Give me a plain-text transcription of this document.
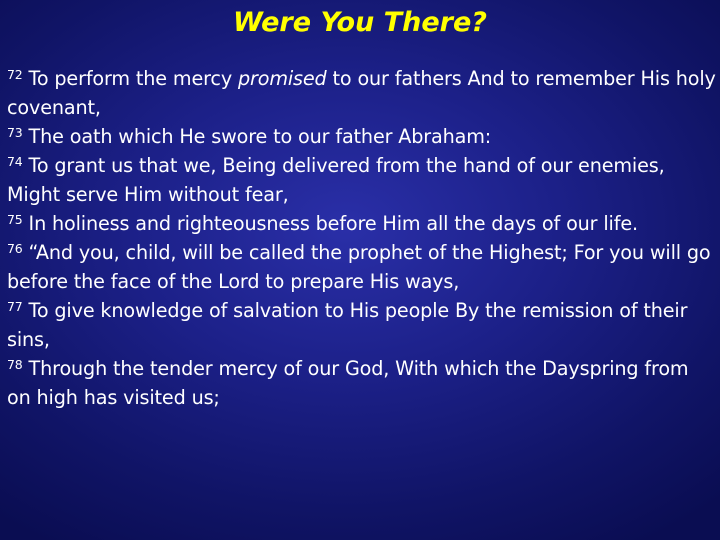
Were You There?

$^{72}$ To perform the mercy promised to our fathers And to remember His holy covenant,

$^{73}$ The oath which He swore to our father Abraham:

$^{74}$ To grant us that we, Being delivered from the hand of our enemies, Might serve Him without fear,

$^{75}$ In holiness and righteousness before Him all the days of our life.

$^{76}$ “And you, child, will be called the prophet of the Highest; For you will go before the face of the Lord to prepare His ways,

$^{77}$ To give knowledge of salvation to His people By the remission of their sins,

$^{78}$ Through the tender mercy of our God, With which the Dayspring from on high has visited us;
